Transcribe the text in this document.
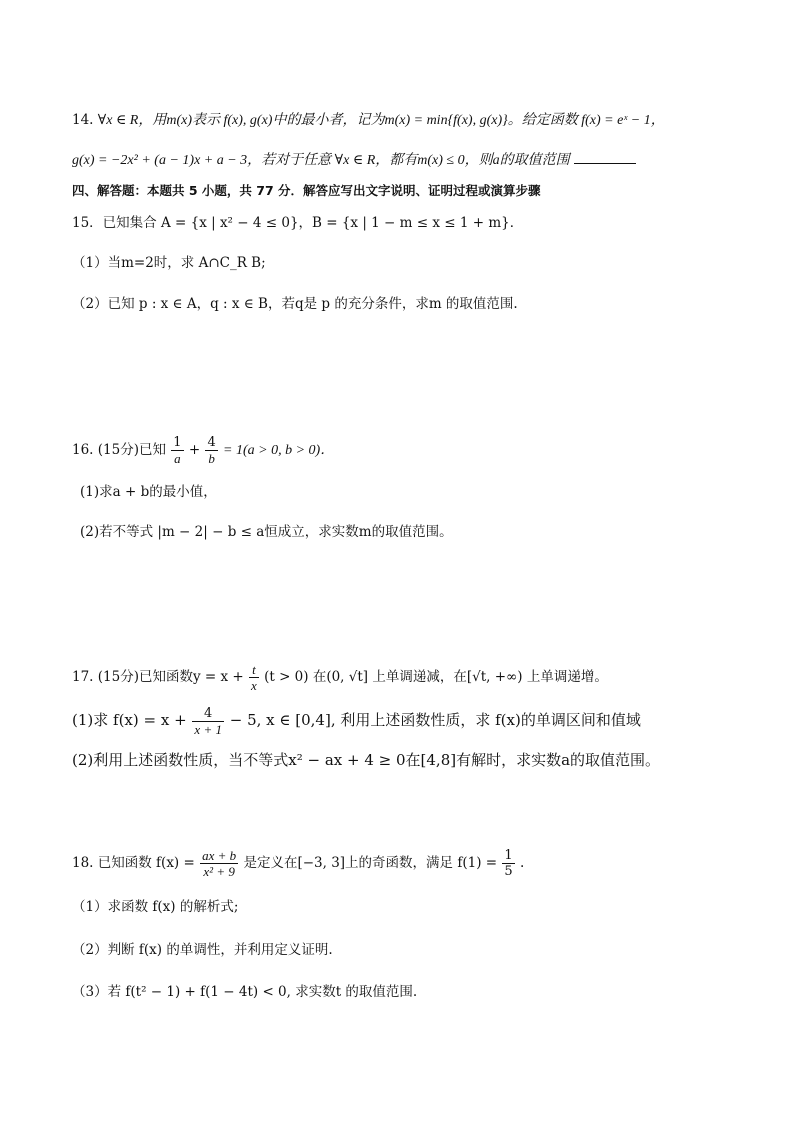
14. ∀x ∈ R，用m(x)表示 f(x), g(x)中的最小者，记为m(x) = min{f(x), g(x)}。给定函数 f(x) = eˣ − 1，
g(x) = −2x² + (a − 1)x + a − 3，若对于任意 ∀x ∈ R，都有m(x) ≤ 0，则a的取值范围
四、解答题：本题共 5 小题，共 77 分．解答应写出文字说明、证明过程或演算步骤
15．已知集合 A = {x | x² − 4 ≤ 0}，B = {x | 1 − m ≤ x ≤ 1 + m}．
（1）当m=2时，求 A∩C_R B;
（2）已知 p : x ∈ A，q : x ∈ B，若q是 p 的充分条件，求m 的取值范围.
16. (15分)已知 $\frac{1}{a} + \frac{4}{b} = 1(a > 0$, b > 0)．
(1)求a + b的最小值，
(2)若不等式 |m − 2| − b ≤ a恒成立，求实数m的取值范围。
17. (15分)已知函数$y = x + \frac{t}{x} (t > 0)$ 在(0, √t] 上单调递减，在[√t, +∞) 上单调递增。
(1)求 $f(x) = x + \frac{4}{x + 1} - 5$, x ∈ [0,4], 利用上述函数性质，求 f(x)的单调区间和值域
(2)利用上述函数性质，当不等式x² − ax + 4 ≥ 0在[4,8]有解时，求实数a的取值范围。
18. 已知函数 $f(x) = \frac{ax + b}{\text{x² + 9}}$ 是定义在[−3, 3]上的奇函数，满足 $f(1) = \frac{1}{5}$ .
（1）求函数 f(x) 的解析式;
（2）判断 f(x) 的单调性，并利用定义证明.
（3）若 f(t² − 1) + f(1 − 4t) < 0, 求实数t 的取值范围.
